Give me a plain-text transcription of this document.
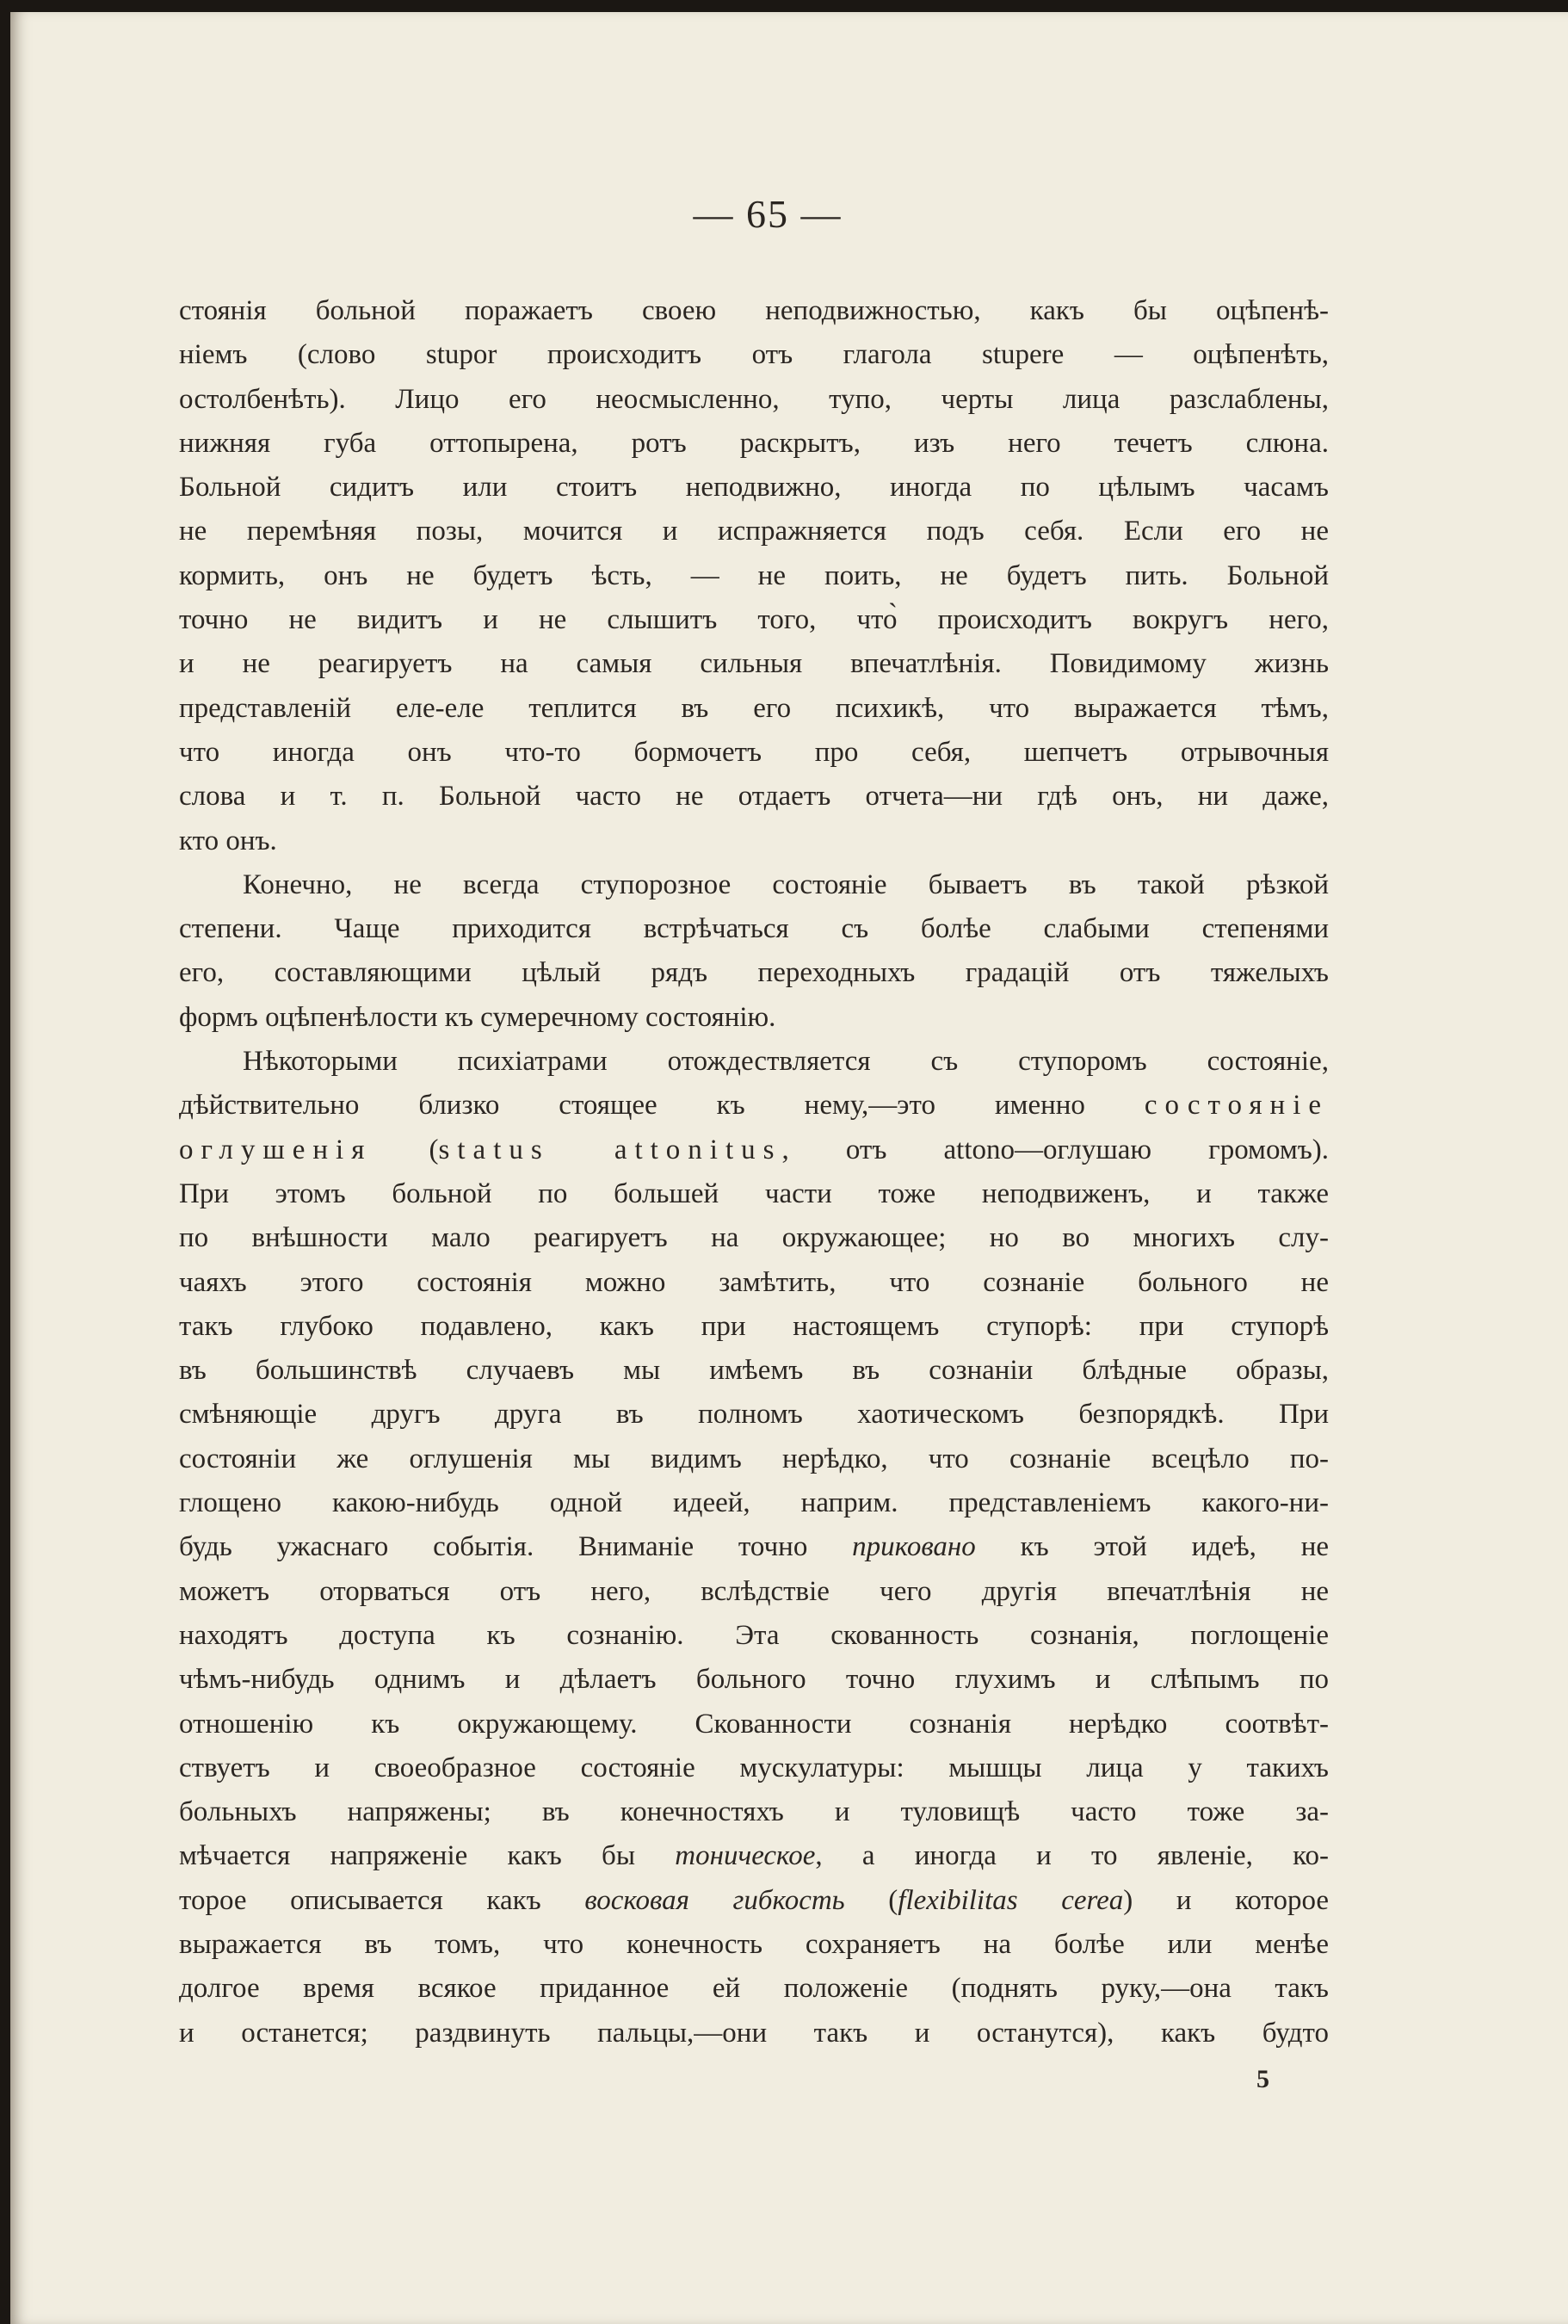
— 65 —
стоянія больной поражаетъ своею неподвижностью, какъ бы оцѣпенѣ-
ніемъ (слово stupor происходитъ отъ глагола stupere — оцѣпенѣть,
остолбенѣть). Лицо его неосмысленно, тупо, черты лица разслаблены,
нижняя губа оттопырена, ротъ раскрытъ, изъ него течетъ слюна.
Больной сидитъ или стоитъ неподвижно, иногда по цѣлымъ часамъ
не перемѣняя позы, мочится и испражняется подъ себя. Если его не
кормить, онъ не будетъ ѣсть, — не поить, не будетъ пить. Больной
точно не видитъ и не слышитъ того, что̀ происходитъ вокругъ него,
и не реагируетъ на самыя сильныя впечатлѣнія. Повидимому жизнь
представленій еле-еле теплится въ его психикѣ, что выражается тѣмъ,
что иногда онъ что-то бормочетъ про себя, шепчетъ отрывочныя
слова и т. п. Больной часто не отдаетъ отчета—ни гдѣ онъ, ни даже,
кто онъ.
Конечно, не всегда ступорозное состояніе бываетъ въ такой рѣзкой
степени. Чаще приходится встрѣчаться съ болѣе слабыми степенями
его, составляющими цѣлый рядъ переходныхъ градацій отъ тяжелыхъ
формъ оцѣпенѣлости къ сумеречному состоянію.
Нѣкоторыми психіатрами отождествляется съ ступоромъ состояніе,
дѣйствительно близко стоящее къ нему,—это именно состояніе
оглушенія (status attonitus, отъ attono—оглушаю громомъ).
При этомъ больной по большей части тоже неподвиженъ, и также
по внѣшности мало реагируетъ на окружающее; но во многихъ слу-
чаяхъ этого состоянія можно замѣтить, что сознаніе больного не
такъ глубоко подавлено, какъ при настоящемъ ступорѣ: при ступорѣ
въ большинствѣ случаевъ мы имѣемъ въ сознаніи блѣдные образы,
смѣняющіе другъ друга въ полномъ хаотическомъ безпорядкѣ. При
состояніи же оглушенія мы видимъ нерѣдко, что сознаніе всецѣло по-
глощено какою-нибудь одной идеей, наприм. представленіемъ какого-ни-
будь ужаснаго событія. Вниманіе точно приковано къ этой идеѣ, не
можетъ оторваться отъ него, вслѣдствіе чего другія впечатлѣнія не
находятъ доступа къ сознанію. Эта скованность сознанія, поглощеніе
чѣмъ-нибудь однимъ и дѣлаетъ больного точно глухимъ и слѣпымъ по
отношенію къ окружающему. Скованности сознанія нерѣдко соотвѣт-
ствуетъ и своеобразное состояніе мускулатуры: мышцы лица у такихъ
больныхъ напряжены; въ конечностяхъ и туловищѣ часто тоже за-
мѣчается напряженіе какъ бы тоническое, а иногда и то явленіе, ко-
торое описывается какъ восковая гибкость (flexibilitas cerea) и которое
выражается въ томъ, что конечность сохраняетъ на болѣе или менѣе
долгое время всякое приданное ей положеніе (поднять руку,—она такъ
и останется; раздвинуть пальцы,—они такъ и останутся), какъ будто
5
